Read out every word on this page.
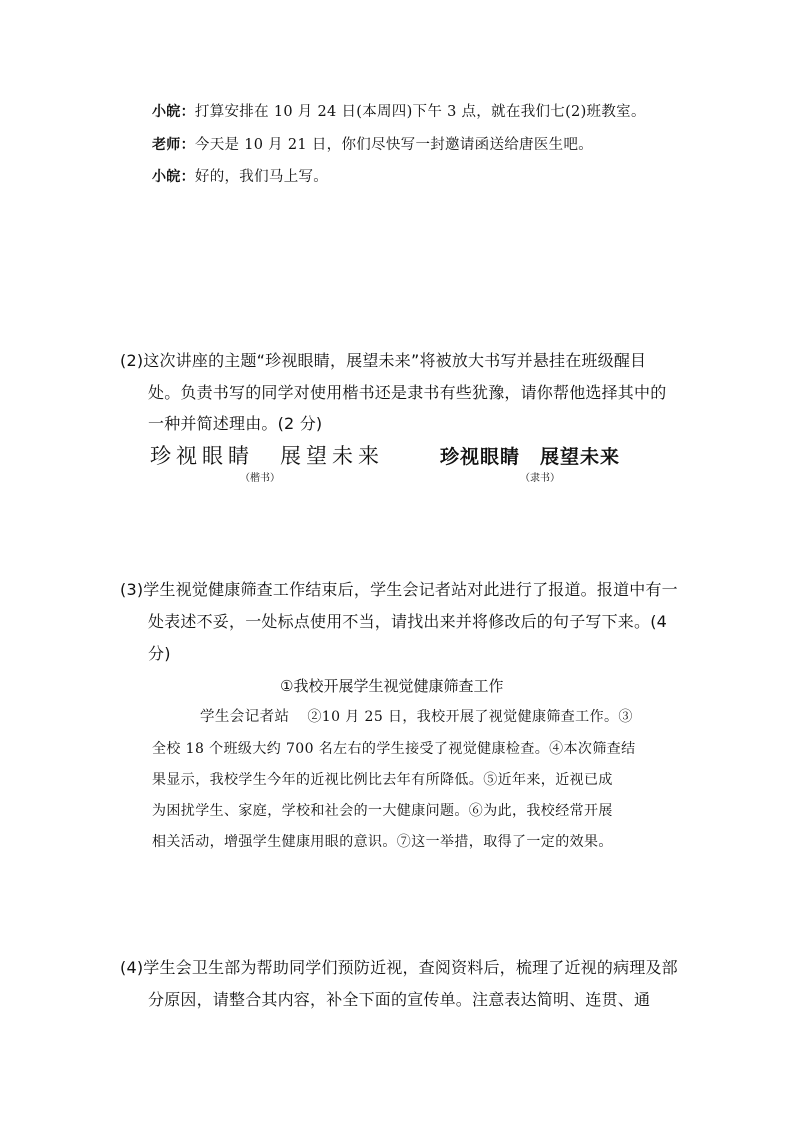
小皖：打算安排在 10 月 24 日(本周四)下午 3 点，就在我们七(2)班教室。
老师：今天是 10 月 21 日，你们尽快写一封邀请函送给唐医生吧。
小皖：好的，我们马上写。
(2)这次讲座的主题“珍视眼睛，展望未来”将被放大书写并悬挂在班级醒目
处。负责书写的同学对使用楷书还是隶书有些犹豫，请你帮他选择其中的
一种并简述理由。(2 分)
珍视眼睛　展望未来
（楷书）
珍视眼睛　展望未来
（隶书）
(3)学生视觉健康筛查工作结束后，学生会记者站对此进行了报道。报道中有一
处表述不妥，一处标点使用不当，请找出来并将修改后的句子写下来。(4
分)
①我校开展学生视觉健康筛查工作
学生会记者站 ②10 月 25 日，我校开展了视觉健康筛查工作。③
全校 18 个班级大约 700 名左右的学生接受了视觉健康检查。④本次筛查结
果显示，我校学生今年的近视比例比去年有所降低。⑤近年来，近视已成
为困扰学生、家庭，学校和社会的一大健康问题。⑥为此，我校经常开展
相关活动，增强学生健康用眼的意识。⑦这一举措，取得了一定的效果。
(4)学生会卫生部为帮助同学们预防近视，查阅资料后，梳理了近视的病理及部
分原因，请整合其内容，补全下面的宣传单。注意表达简明、连贯、通
